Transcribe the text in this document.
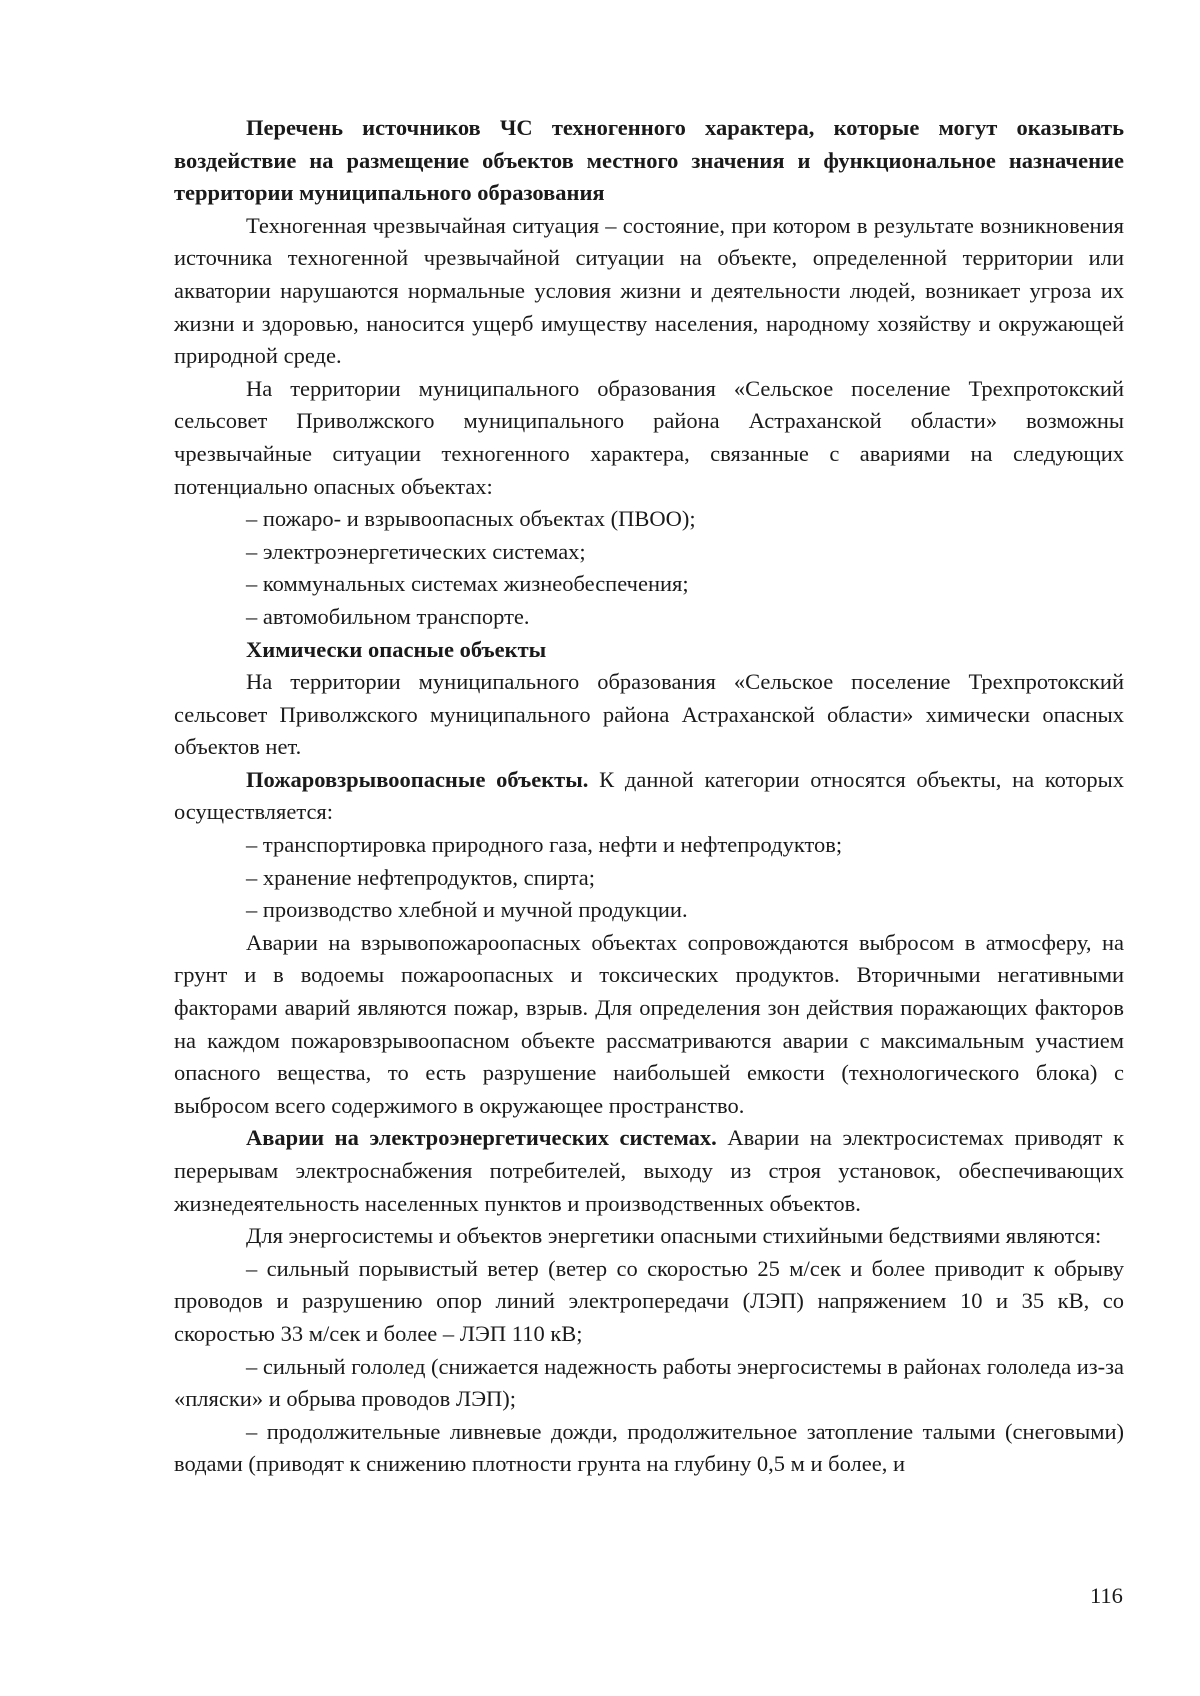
Перечень источников ЧС техногенного характера, которые могут оказывать воздействие на размещение объектов местного значения и функциональное назначение территории муниципального образования

Техногенная чрезвычайная ситуация – состояние, при котором в результате возникновения источника техногенной чрезвычайной ситуации на объекте, определенной территории или акватории нарушаются нормальные условия жизни и деятельности людей, возникает угроза их жизни и здоровью, наносится ущерб имуществу населения, народному хозяйству и окружающей природной среде.

На территории муниципального образования «Сельское поселение Трехпротокский сельсовет Приволжского муниципального района Астраханской области» возможны чрезвычайные ситуации техногенного характера, связанные с авариями на следующих потенциально опасных объектах:

– пожаро- и взрывоопасных объектах (ПВОО);

– электроэнергетических системах;

– коммунальных системах жизнеобеспечения;

– автомобильном транспорте.

Химически опасные объекты

На территории муниципального образования «Сельское поселение Трехпротокский сельсовет Приволжского муниципального района Астраханской области» химически опасных объектов нет.

Пожаровзрывоопасные объекты. К данной категории относятся объекты, на которых осуществляется:

– транспортировка природного газа, нефти и нефтепродуктов;

– хранение нефтепродуктов, спирта;

– производство хлебной и мучной продукции.

Аварии на взрывопожароопасных объектах сопровождаются выбросом в атмосферу, на грунт и в водоемы пожароопасных и токсических продуктов. Вторичными негативными факторами аварий являются пожар, взрыв. Для определения зон действия поражающих факторов на каждом пожаровзрывоопасном объекте рассматриваются аварии с максимальным участием опасного вещества, то есть разрушение наибольшей емкости (технологического блока) с выбросом всего содержимого в окружающее пространство.

Аварии на электроэнергетических системах. Аварии на электросистемах приводят к перерывам электроснабжения потребителей, выходу из строя установок, обеспечивающих жизнедеятельность населенных пунктов и производственных объектов.

Для энергосистемы и объектов энергетики опасными стихийными бедствиями являются:

– сильный порывистый ветер (ветер со скоростью 25 м/сек и более приводит к обрыву проводов и разрушению опор линий электропередачи (ЛЭП) напряжением 10 и 35 кВ, со скоростью 33 м/сек и более – ЛЭП 110 кВ;

– сильный гололед (снижается надежность работы энергосистемы в районах гололеда из-за «пляски» и обрыва проводов ЛЭП);

– продолжительные ливневые дожди, продолжительное затопление талыми (снеговыми) водами (приводят к снижению плотности грунта на глубину 0,5 м и более, и

116
